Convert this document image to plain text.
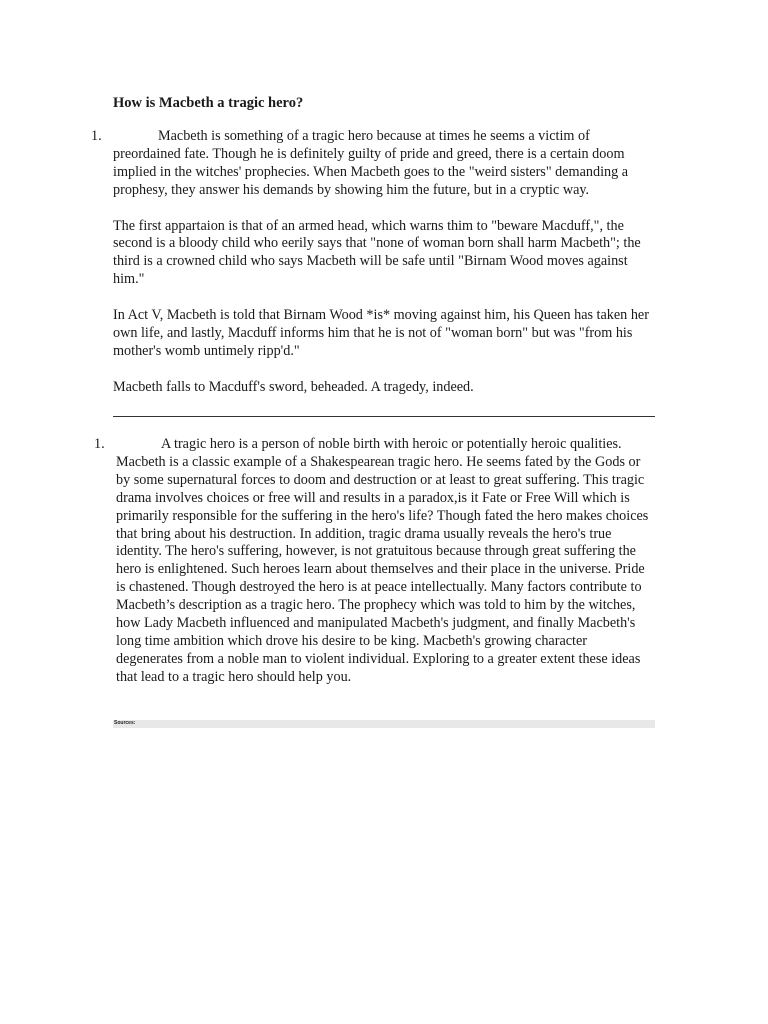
How is Macbeth a tragic hero?
1.	Macbeth is something of a tragic hero because at times he seems a victim of preordained fate. Though he is definitely guilty of pride and greed, there is a certain doom implied in the witches' prophecies. When Macbeth goes to the "weird sisters" demanding a prophesy, they answer his demands by showing him the future, but in a cryptic way.

The first appartaion is that of an armed head, which warns thim to "beware Macduff,", the second is a bloody child who eerily says that "none of woman born shall harm Macbeth"; the third is a crowned child who says Macbeth will be safe until "Birnam Wood moves against him."

In Act V, Macbeth is told that Birnam Wood *is* moving against him, his Queen has taken her own life, and lastly, Macduff informs him that he is not of "woman born" but was "from his mother's womb untimely ripp'd."

Macbeth falls to Macduff's sword, beheaded. A tragedy, indeed.

1.	A tragic hero is a person of noble birth with heroic or potentially heroic qualities. Macbeth is a classic example of a Shakespearean tragic hero. He seems fated by the Gods or by some supernatural forces to doom and destruction or at least to great suffering. This tragic drama involves choices or free will and results in a paradox,is it Fate or Free Will which is primarily responsible for the suffering in the hero's life? Though fated the hero makes choices that bring about his destruction. In addition, tragic drama usually reveals the hero's true identity. The hero's suffering, however, is not gratuitous because through great suffering the hero is enlightened. Such heroes learn about themselves and their place in the universe. Pride is chastened. Though destroyed the hero is at peace intellectually. Many factors contribute to Macbeth’s description as a tragic hero. The prophecy which was told to him by the witches, how Lady Macbeth influenced and manipulated Macbeth's judgment, and finally Macbeth's long time ambition which drove his desire to be king. Macbeth's growing character degenerates from a noble man to violent individual. Exploring to a greater extent these ideas that lead to a tragic hero should help you.

Sources:
